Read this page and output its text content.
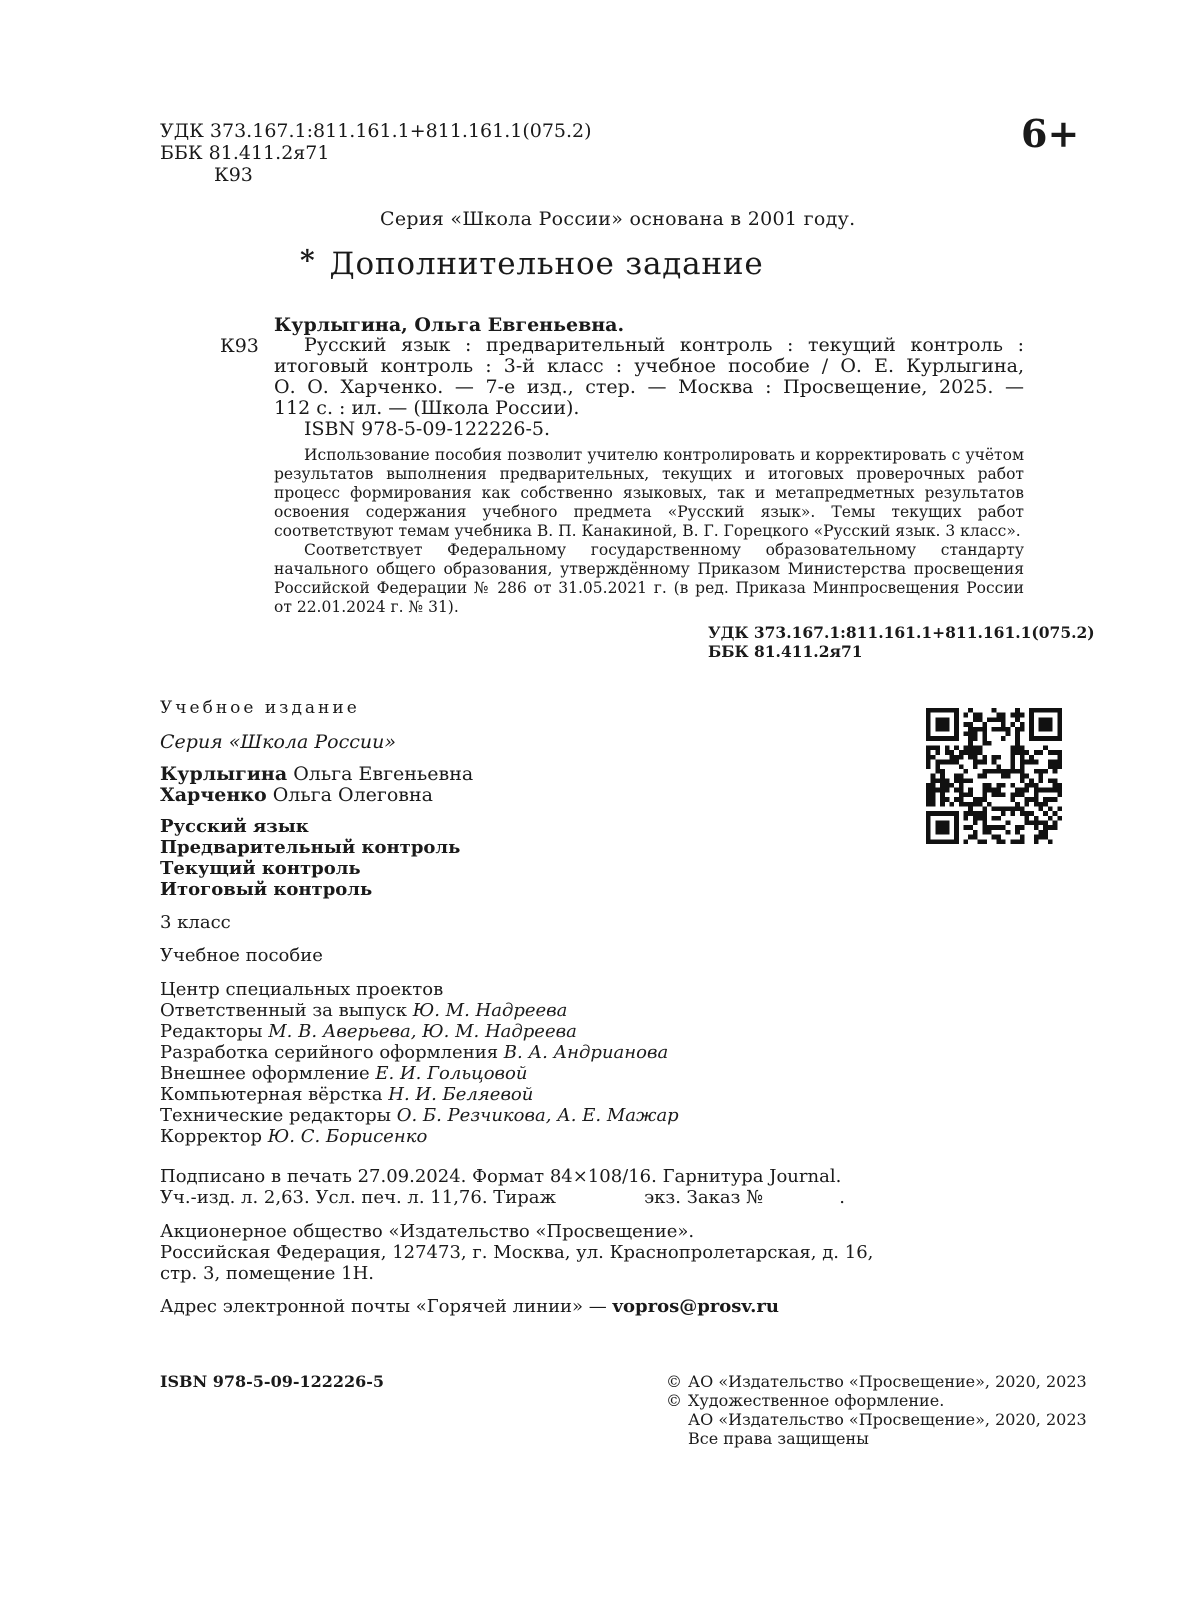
УДК 373.167.1:811.161.1+811.161.1(075.2)
ББК 81.411.2я71
К93
6+
Серия «Школа России» основана в 2001 году.
* Дополнительное задание
Курлыгина, Ольга Евгеньевна.
К93	Русский язык : предварительный контроль : текущий контроль :
итоговый контроль : 3-й класс : учебное пособие / О. Е. Курлыгина,
О. О. Харченко. — 7-е изд., стер. — Москва : Просвещение, 2025. —
112 с. : ил. — (Школа России).
ISBN 978-5-09-122226-5.
Использование пособия позволит учителю контролировать и корректировать с учётом результатов выполнения предварительных, текущих и итоговых проверочных работ процесс формирования как собственно языковых, так и метапредметных результатов освоения содержания учебного предмета «Русский язык». Темы текущих работ соответствуют темам учебника В. П. Канакиной, В. Г. Горецкого «Русский язык. 3 класс».
Соответствует Федеральному государственному образовательному стандарту начального общего образования, утверждённому Приказом Министерства просвещения Российской Федерации № 286 от 31.05.2021 г. (в ред. Приказа Минпросвещения России от 22.01.2024 г. № 31).
УДК 373.167.1:811.161.1+811.161.1(075.2)
ББК 81.411.2я71
Учебное издание
Серия «Школа России»
Курлыгина Ольга Евгеньевна
Харченко Ольга Олеговна
Русский язык
Предварительный контроль
Текущий контроль
Итоговый контроль
3 класс
Учебное пособие
Центр специальных проектов
Ответственный за выпуск Ю. М. Надреева
Редакторы М. В. Аверьева, Ю. М. Надреева
Разработка серийного оформления В. А. Андрианова
Внешнее оформление Е. И. Гольцовой
Компьютерная вёрстка Н. И. Беляевой
Технические редакторы О. Б. Резчикова, А. Е. Мажар
Корректор Ю. С. Борисенко
Подписано в печать 27.09.2024. Формат 84×108/16. Гарнитура Journal.
Уч.-изд. л. 2,63. Усл. печ. л. 11,76. Тираж	экз. Заказ №	.
Акционерное общество «Издательство «Просвещение».
Российская Федерация, 127473, г. Москва, ул. Краснопролетарская, д. 16,
стр. 3, помещение 1Н.
Адрес электронной почты «Горячей линии» — vopros@prosv.ru
ISBN 978-5-09-122226-5	© АО «Издательство «Просвещение», 2020, 2023
© Художественное оформление.
АО «Издательство «Просвещение», 2020, 2023
Все права защищены
